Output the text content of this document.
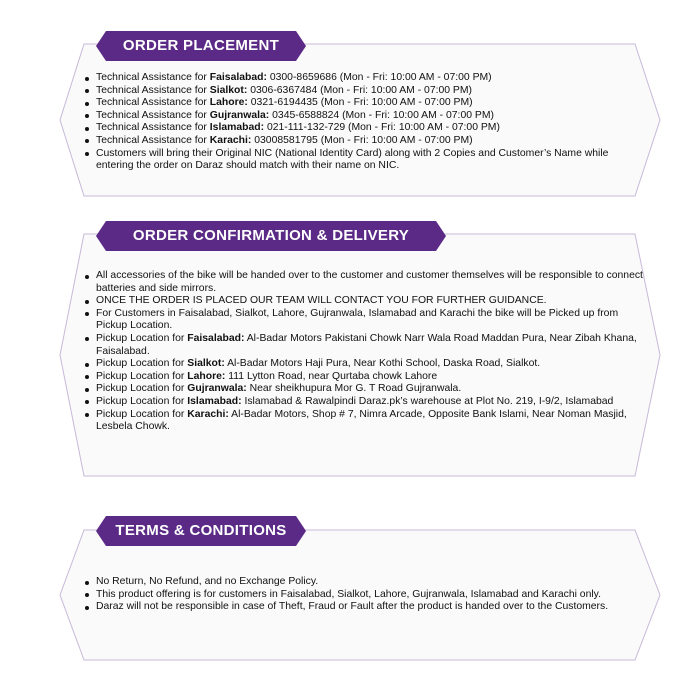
ORDER PLACEMENT
Technical Assistance for Faisalabad: 0300-8659686 (Mon - Fri: 10:00 AM - 07:00 PM)
Technical Assistance for Sialkot: 0306-6367484 (Mon - Fri: 10:00 AM - 07:00 PM)
Technical Assistance for Lahore: 0321-6194435 (Mon - Fri: 10:00 AM - 07:00 PM)
Technical Assistance for Gujranwala: 0345-6588824 (Mon - Fri: 10:00 AM - 07:00 PM)
Technical Assistance for Islamabad: 021-111-132-729 (Mon - Fri: 10:00 AM - 07:00 PM)
Technical Assistance for Karachi: 03008581795 (Mon - Fri: 10:00 AM - 07:00 PM)
Customers will bring their Original NIC (National Identity Card) along with 2 Copies and Customer’s Name while entering the order on Daraz should match with their name on NIC.
ORDER CONFIRMATION & DELIVERY
All accessories of the bike will be handed over to the customer and customer themselves will be responsible to connect batteries and side mirrors.
ONCE THE ORDER IS PLACED OUR TEAM WILL CONTACT YOU FOR FURTHER GUIDANCE.
For Customers in Faisalabad, Sialkot, Lahore, Gujranwala, Islamabad and Karachi the bike will be Picked up from Pickup Location.
Pickup Location for Faisalabad: Al-Badar Motors Pakistani Chowk Narr Wala Road Maddan Pura, Near Zibah Khana, Faisalabad.
Pickup Location for Sialkot: Al-Badar Motors Haji Pura, Near Kothi School, Daska Road, Sialkot.
Pickup Location for Lahore: 111 Lytton Road, near Qurtaba chowk Lahore
Pickup Location for Gujranwala: Near sheikhupura Mor G. T Road Gujranwala.
Pickup Location for Islamabad: Islamabad & Rawalpindi Daraz.pk’s warehouse at Plot No. 219, I-9/2, Islamabad
Pickup Location for Karachi: Al-Badar Motors, Shop # 7, Nimra Arcade, Opposite Bank Islami, Near Noman Masjid, Lesbela Chowk.
TERMS & CONDITIONS
No Return, No Refund, and no Exchange Policy.
This product offering is for customers in Faisalabad, Sialkot, Lahore, Gujranwala, Islamabad and Karachi only.
Daraz will not be responsible in case of Theft, Fraud or Fault after the product is handed over to the Customers.
